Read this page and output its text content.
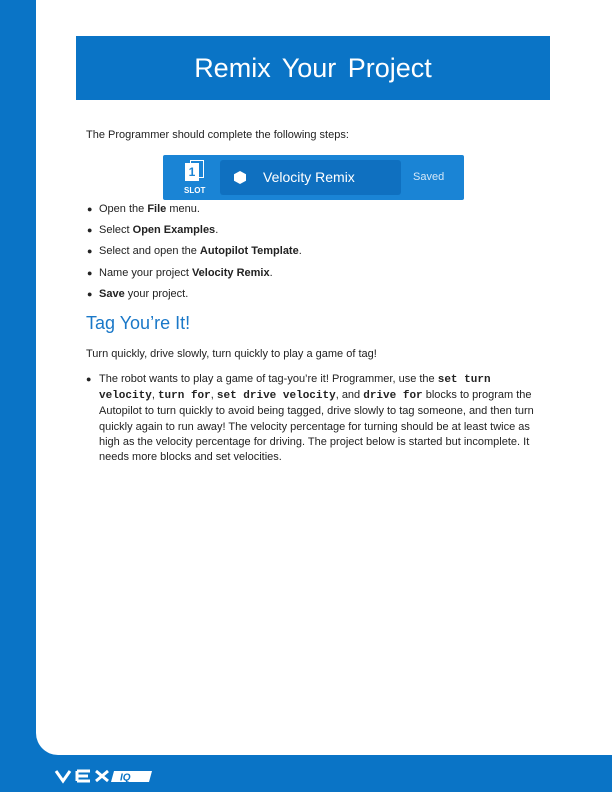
Remix Your Project
The Programmer should complete the following steps:
1
SLOT
Velocity Remix	Saved
● Open the File menu.
● Select Open Examples.
● Select and open the Autopilot Template.
● Name your project Velocity Remix.
● Save your project.
Tag You’re It!
Turn quickly, drive slowly, turn quickly to play a game of tag!
● The robot wants to play a game of tag-you’re it! Programmer, use the set turn velocity, turn for, set drive velocity, and drive for blocks to program the Autopilot to turn quickly to avoid being tagged, drive slowly to tag someone, and then turn quickly again to run away! The velocity percentage for turning should be at least twice as high as the velocity percentage for driving. The project below is started but incomplete. It needs more blocks and set velocities.
IQ
